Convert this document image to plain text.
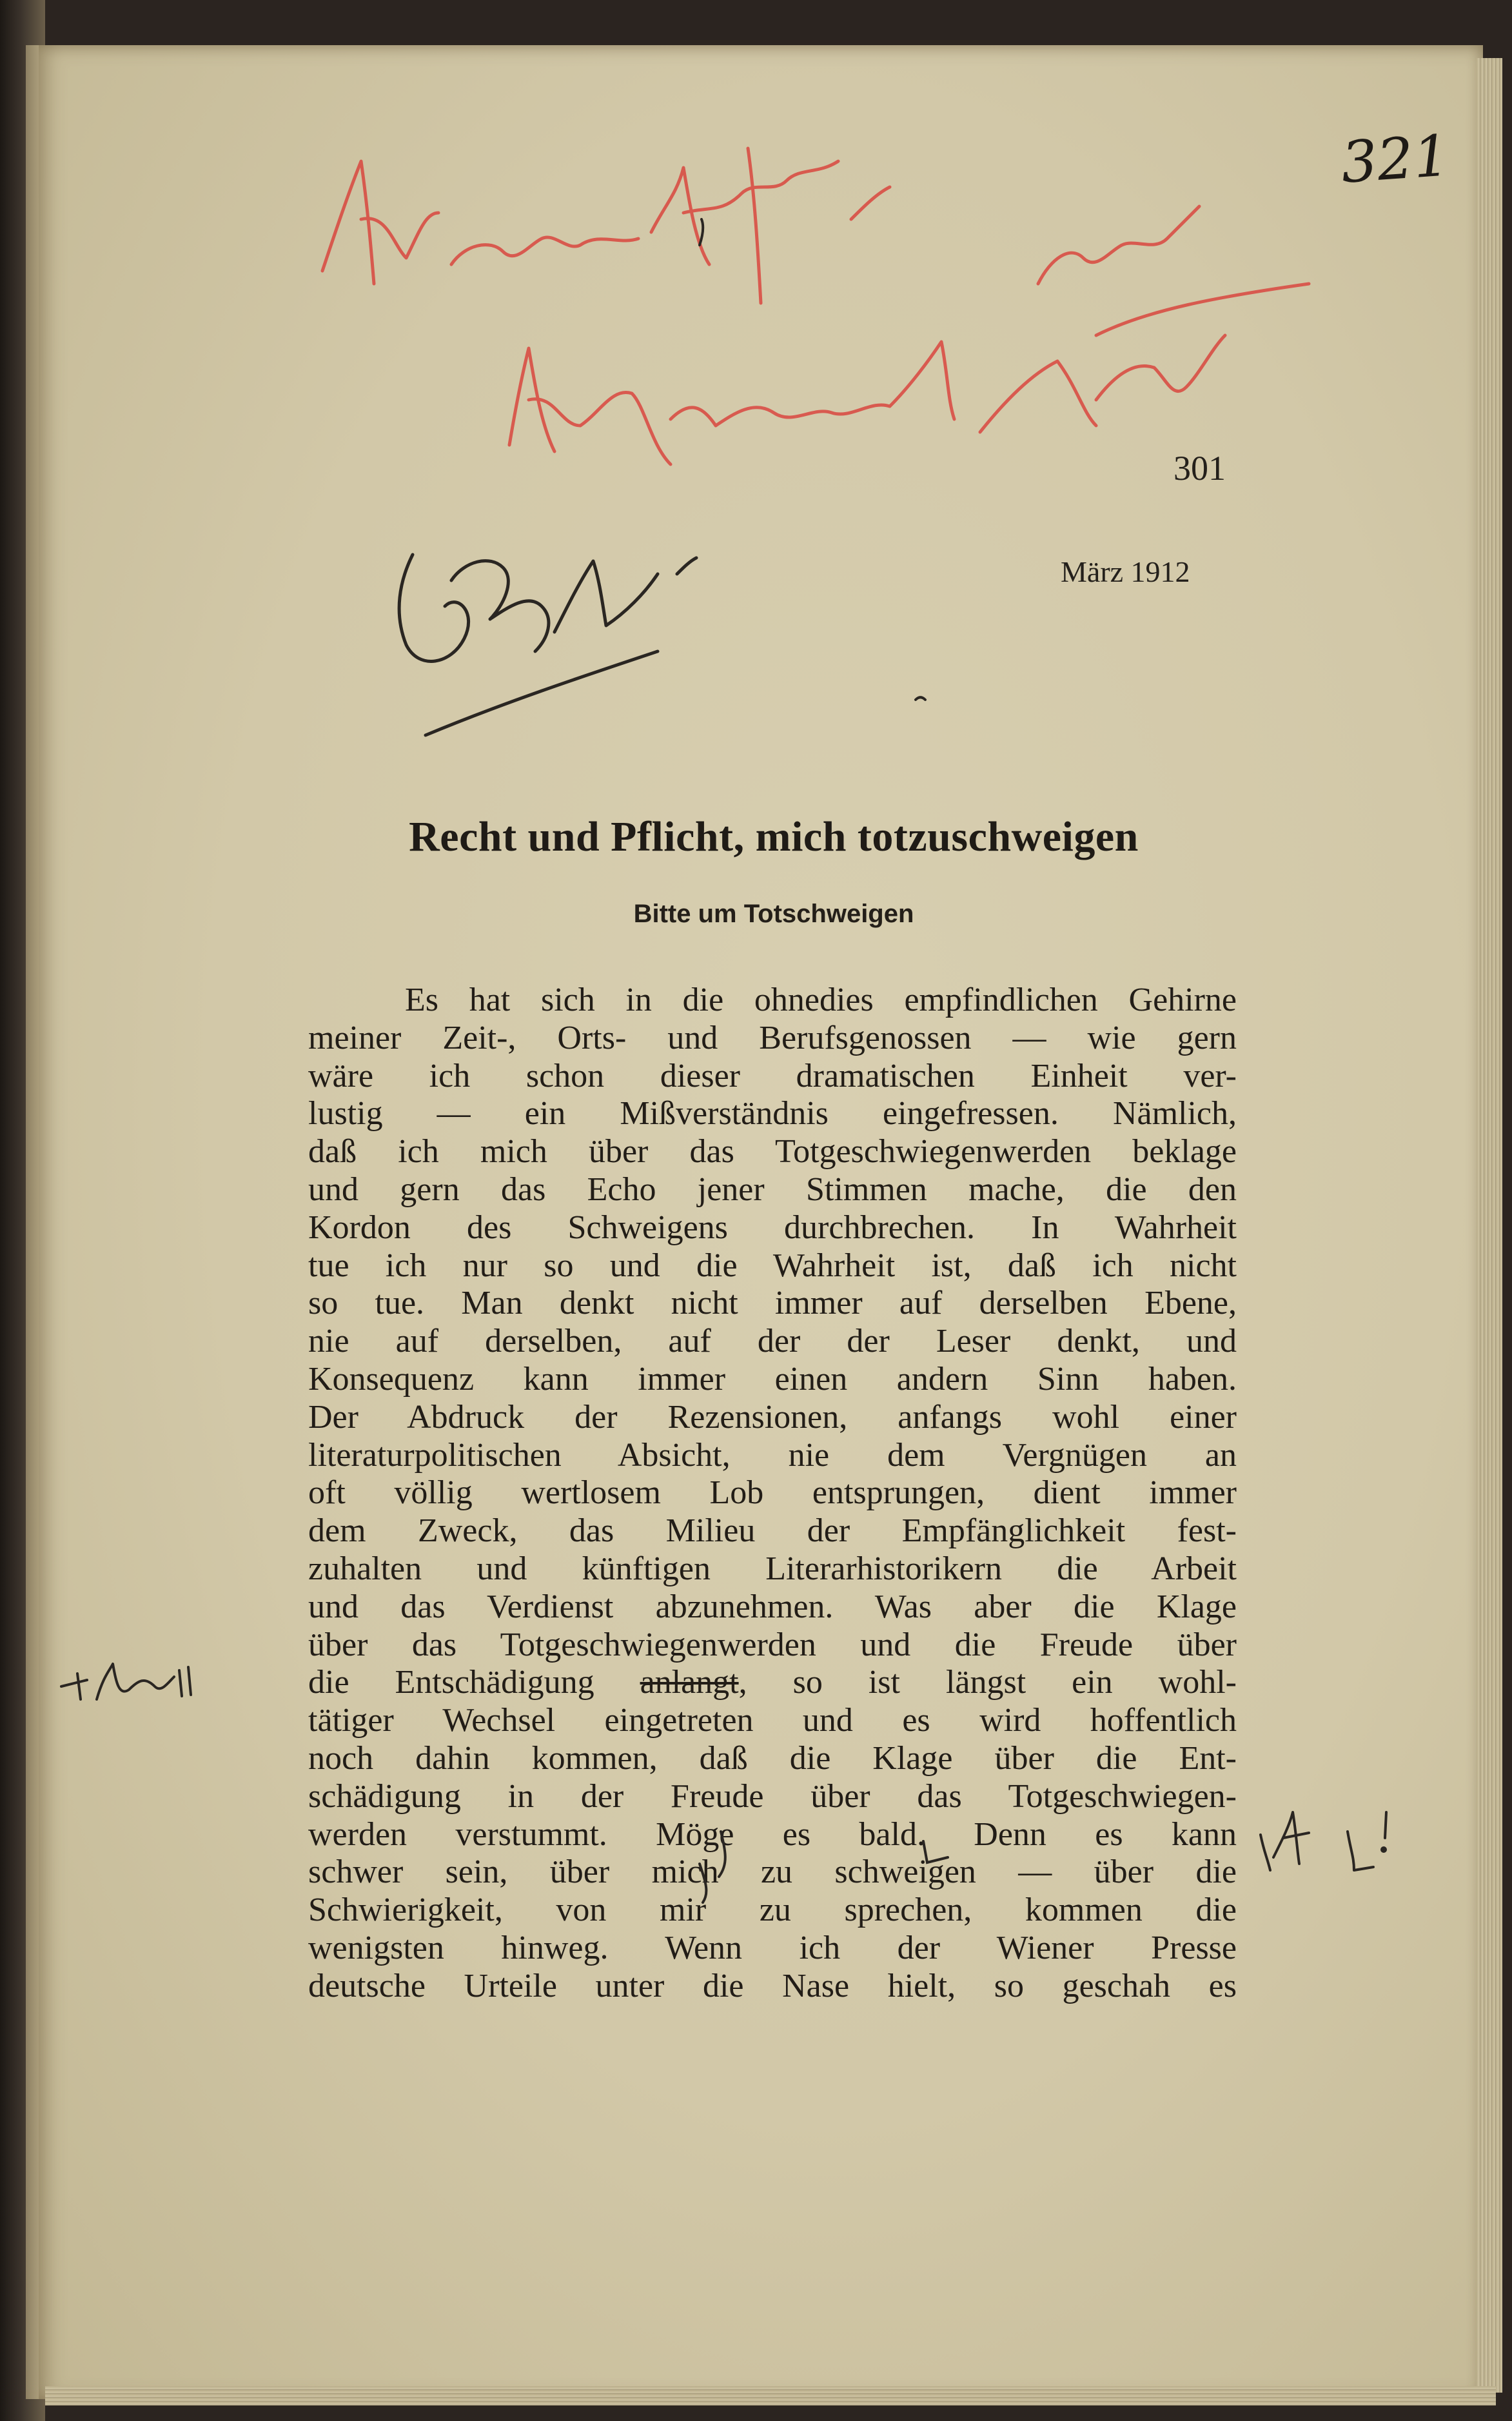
321
301
März 1912
Recht und Pflicht, mich totzuschweigen
Bitte um Totschweigen
Es hat sich in die ohnedies empfindlichen Gehirne
meiner Zeit-, Orts- und Berufsgenossen — wie gern
wäre ich schon dieser dramatischen Einheit ver-
lustig — ein Mißverständnis eingefressen. Nämlich,
daß ich mich über das Totgeschwiegenwerden beklage
und gern das Echo jener Stimmen mache, die den
Kordon des Schweigens durchbrechen. In Wahrheit
tue ich nur so und die Wahrheit ist, daß ich nicht
so tue. Man denkt nicht immer auf derselben Ebene,
nie auf derselben, auf der der Leser denkt, und
Konsequenz kann immer einen andern Sinn haben.
Der Abdruck der Rezensionen, anfangs wohl einer
literaturpolitischen Absicht, nie dem Vergnügen an
oft völlig wertlosem Lob entsprungen, dient immer
dem Zweck, das Milieu der Empfänglichkeit fest-
zuhalten und künftigen Literarhistorikern die Arbeit
und das Verdienst abzunehmen. Was aber die Klage
über das Totgeschwiegenwerden und die Freude über
die Entschädigung anlangt, so ist längst ein wohl-
tätiger Wechsel eingetreten und es wird hoffentlich
noch dahin kommen, daß die Klage über die Ent-
schädigung in der Freude über das Totgeschwiegen-
werden verstummt. Möge es bald. Denn es kann
schwer sein, über mich zu schweigen — über die
Schwierigkeit, von mir zu sprechen, kommen die
wenigsten hinweg. Wenn ich der Wiener Presse
deutsche Urteile unter die Nase hielt, so geschah es
